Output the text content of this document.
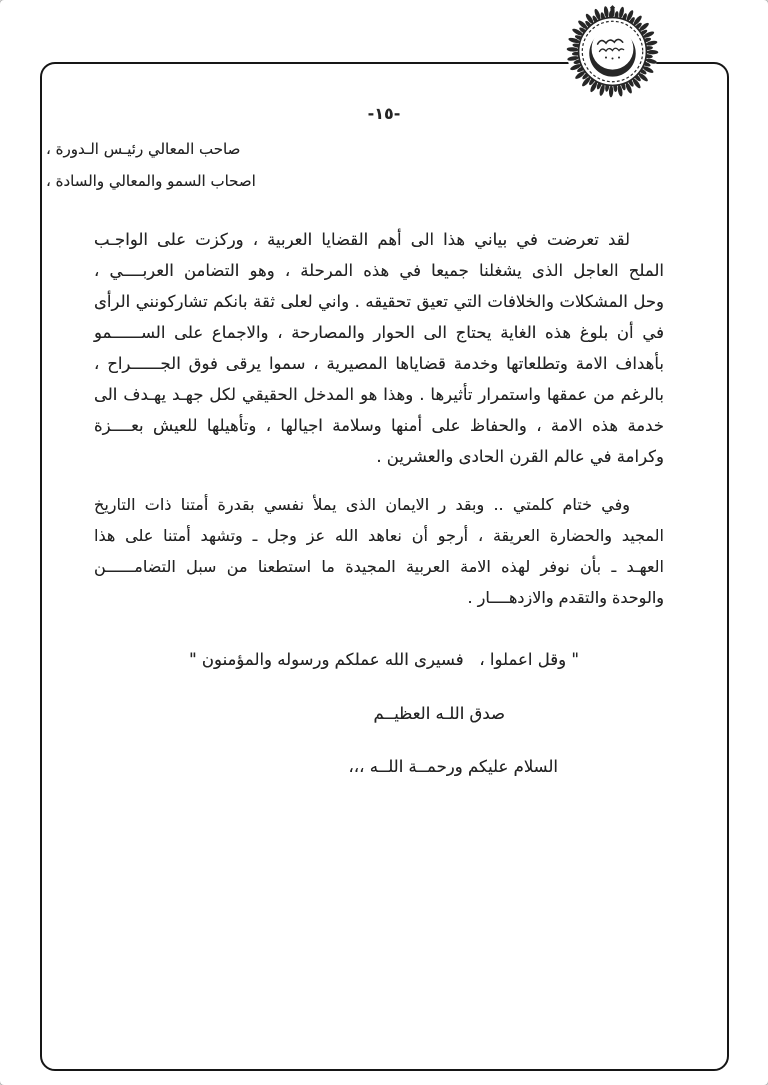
-١٥-
صاحب المعالي رئيـس الـدورة ،
اصحاب السمو والمعالي والسادة ،
لقد تعرضت في بياني هذا الى أهم القضايا العربية ، وركزت على الواجـب
الملح العاجل الذى يشغلنا جميعا في هذه المرحلة ، وهو التضامن العربــــي ،
وحل المشكلات والخلافات التي تعيق تحقيقه . واني لعلى ثقة بانكم تشاركونني الرأى
في أن بلوغ هذه الغاية يحتاج الى الحوار والمصارحة ، والاجماع على الســــــمو
بأهداف الامة وتطلعاتها وخدمة قضاياها المصيرية ، سموا يرقى فوق الجــــــراح ،
بالرغم من عمقها واستمرار تأثيرها . وهذا هو المدخل الحقيقي لكل جهـد يهـدف الى
خدمة هذه الامة ، والحفاظ على أمنها وسلامة اجيالها ، وتأهيلها للعيش بعــــزة
وكرامة في عالم القرن الحادى والعشرين .
وفي ختام كلمتي .. وبقد ر الايمان الذى يملأ نفسي بقدرة أمتنا ذات التاريخ
المجيد والحضارة العريقة ، أرجو أن نعاهد الله عز وجل ـ وتشهد أمتنا على هذا
العهـد ـ بأن نوفر لهذه الامة العربية المجيدة ما استطعنا من سبل التضامــــــن
والوحدة والتقدم والازدهــــار .
" وقل اعملوا ،   فسيرى الله عملكم ورسوله والمؤمنون "
صدق اللـه العظيــم
السلام عليكم ورحمــة اللــه ،،،
